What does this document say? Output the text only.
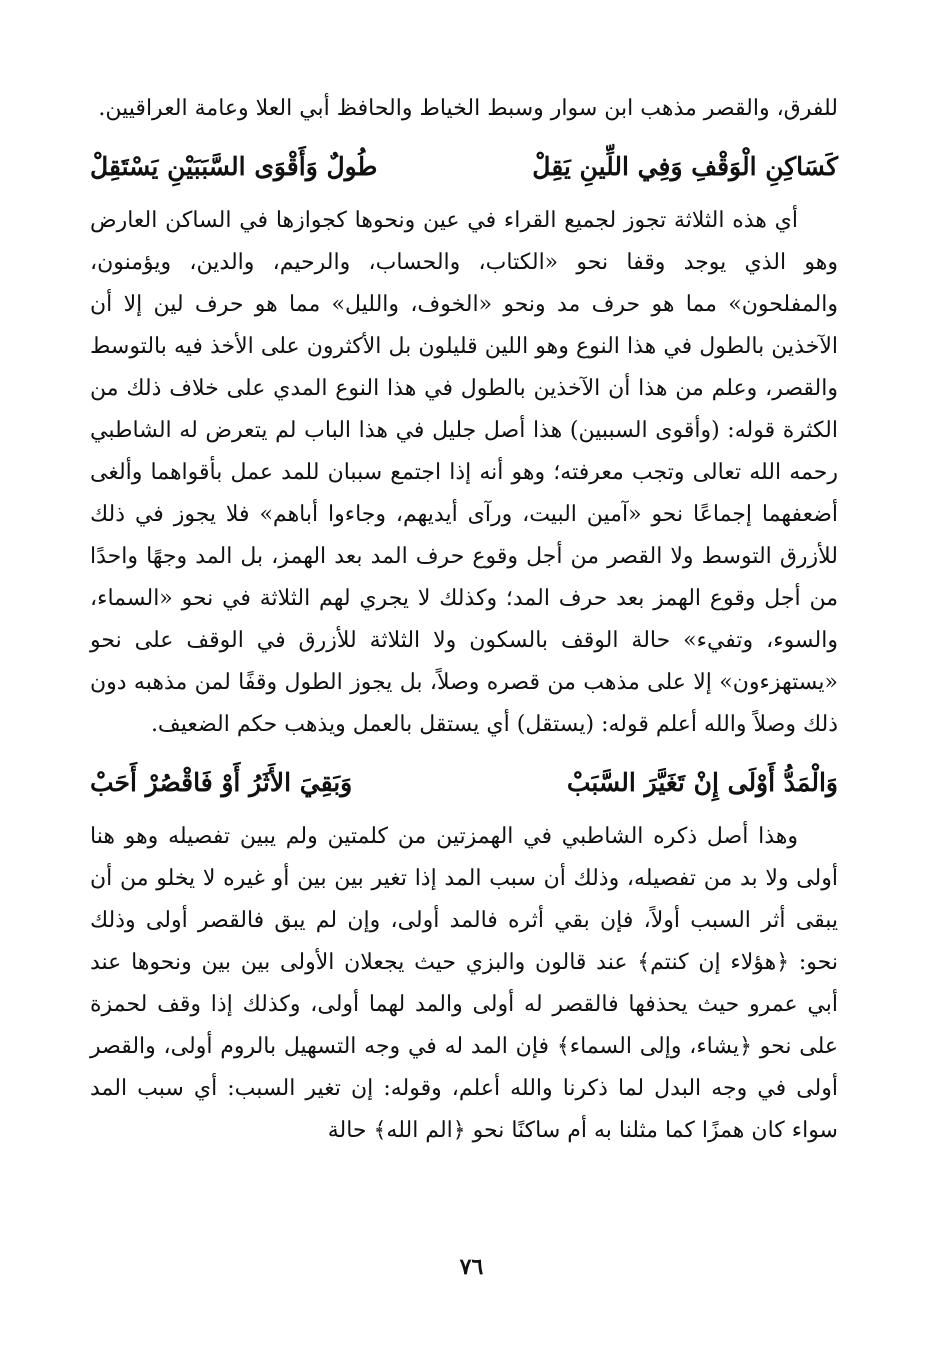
للفرق، والقصر مذهب ابن سوار وسبط الخياط والحافظ أبي العلا وعامة العراقيين.

كَسَاكِنِ الْوَقْفِ وَفِي اللِّينِ يَقِلْ
طُولٌ وَأَقْوَى السَّبَبَيْنِ يَسْتَقِلْ

أي هذه الثلاثة تجوز لجميع القراء في عين ونحوها كجوازها في الساكن العارض وهو الذي يوجد وقفا نحو «الكتاب، والحساب، والرحيم، والدين، ويؤمنون، والمفلحون» مما هو حرف مد ونحو «الخوف، والليل» مما هو حرف لين إلا أن الآخذين بالطول في هذا النوع وهو اللين قليلون بل الأكثرون على الأخذ فيه بالتوسط والقصر، وعلم من هذا أن الآخذين بالطول في هذا النوع المدي على خلاف ذلك من الكثرة قوله: (وأقوى السببين) هذا أصل جليل في هذا الباب لم يتعرض له الشاطبي رحمه الله تعالى وتجب معرفته؛ وهو أنه إذا اجتمع سببان للمد عمل بأقواهما وألغى أضعفهما إجماعًا نحو «آمين البيت، ورآى أيديهم، وجاءوا أباهم» فلا يجوز في ذلك للأزرق التوسط ولا القصر من أجل وقوع حرف المد بعد الهمز، بل المد وجهًا واحدًا من أجل وقوع الهمز بعد حرف المد؛ وكذلك لا يجري لهم الثلاثة في نحو «السماء، والسوء، وتفيء» حالة الوقف بالسكون ولا الثلاثة للأزرق في الوقف على نحو «يستهزءون» إلا على مذهب من قصره وصلاً، بل يجوز الطول وقفًا لمن مذهبه دون ذلك وصلاً والله أعلم قوله: (يستقل) أي يستقل بالعمل ويذهب حكم الضعيف.

وَالْمَدُّ أَوْلَى إِنْ تَغَيَّرَ السَّبَبْ
وَبَقِيَ الأَثَرُ أَوْ فَاقْصُرْ أَحَبْ

وهذا أصل ذكره الشاطبي في الهمزتين من كلمتين ولم يبين تفصيله وهو هنا أولى ولا بد من تفصيله، وذلك أن سبب المد إذا تغير بين بين أو غيره لا يخلو من أن يبقى أثر السبب أولاً، فإن بقي أثره فالمد أولى، وإن لم يبق فالقصر أولى وذلك نحو: ﴿هؤلاء إن كنتم﴾ عند قالون والبزي حيث يجعلان الأولى بين بين ونحوها عند أبي عمرو حيث يحذفها فالقصر له أولى والمد لهما أولى، وكذلك إذا وقف لحمزة على نحو ﴿يشاء، وإلى السماء﴾ فإن المد له في وجه التسهيل بالروم أولى، والقصر أولى في وجه البدل لما ذكرنا والله أعلم، وقوله: إن تغير السبب: أي سبب المد سواء كان همزًا كما مثلنا به أم ساكنًا نحو ﴿الم الله﴾ حالة

٧٦
